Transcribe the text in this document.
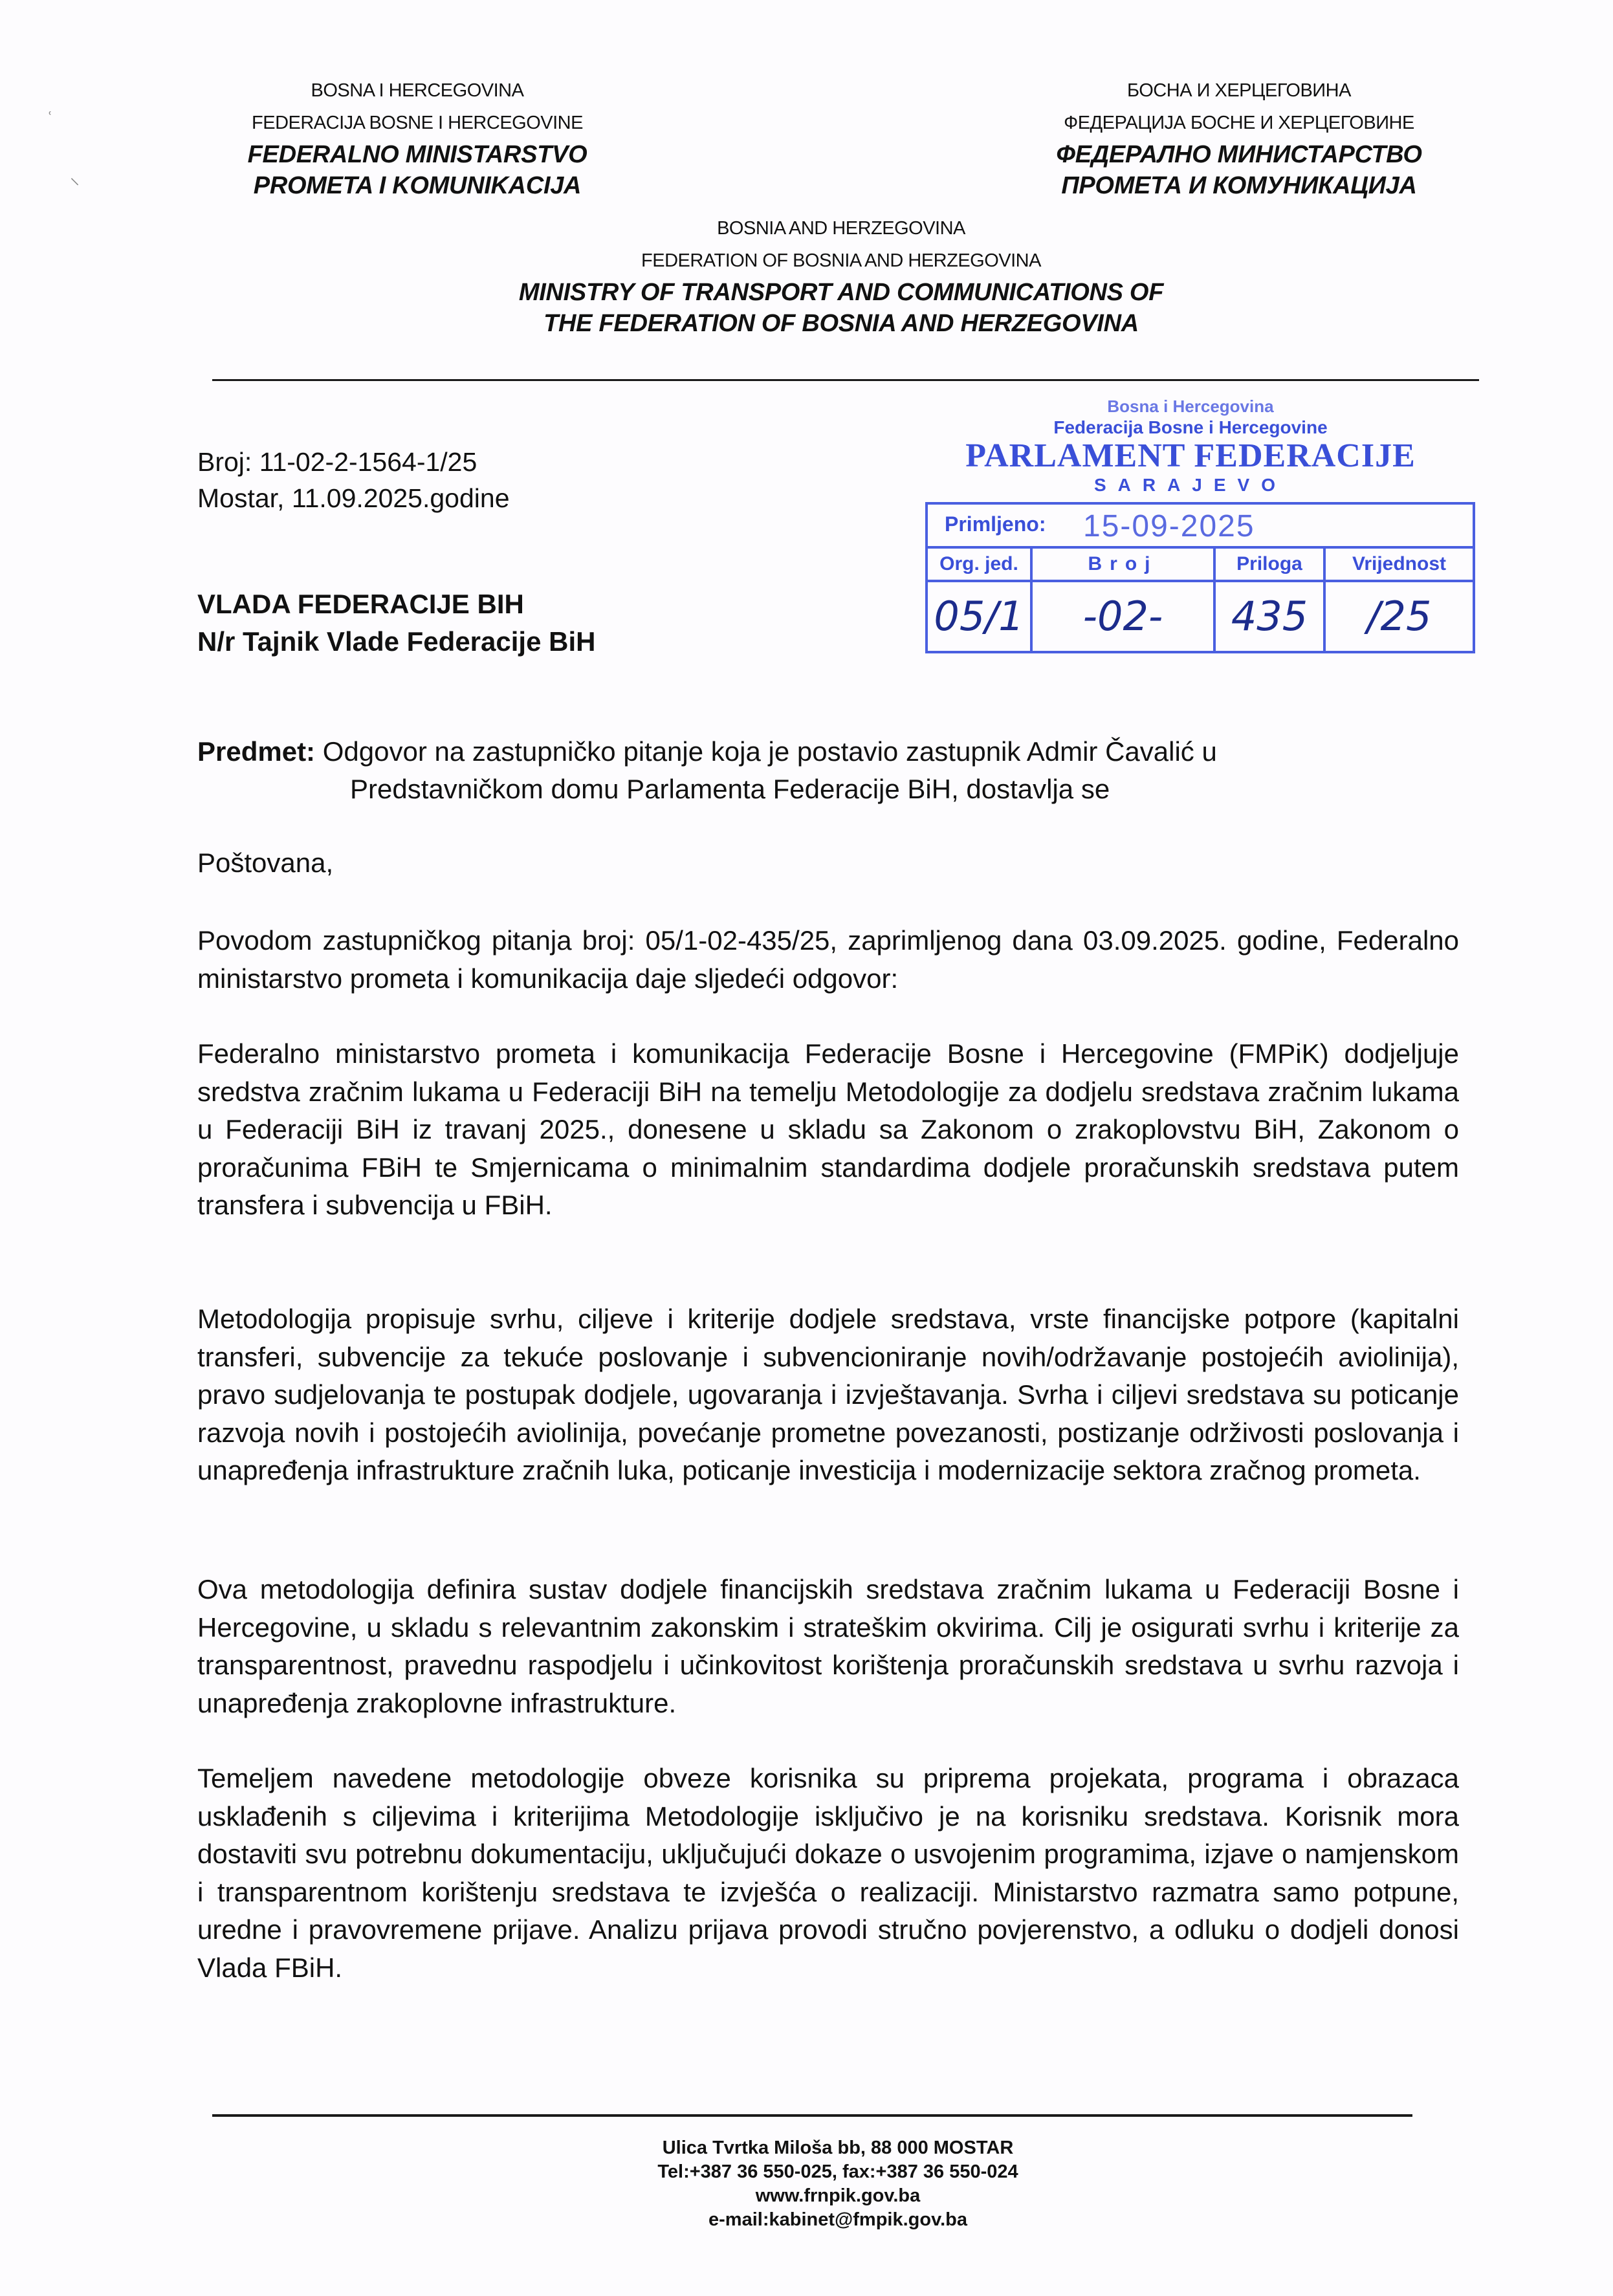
ʿ
⸜
BOSNA I HERCEGOVINA
FEDERACIJA BOSNE I HERCEGOVINE
FEDERALNO MINISTARSTVO
PROMETA I KOMUNIKACIJA
БОСНА И ХЕРЦЕГОВИНА
ФЕДЕРАЦИЈА БОСНЕ И ХЕРЦЕГОВИНЕ
ФЕДЕРАЛНО МИНИСТАРСТВО
ПРОМЕТА И КОМУНИКАЦИЈА
BOSNIA AND HERZEGOVINA
FEDERATION OF BOSNIA AND HERZEGOVINA
MINISTRY OF TRANSPORT AND COMMUNICATIONS OF
THE FEDERATION OF BOSNIA AND HERZEGOVINA
Broj: 11-02-2-1564-1/25
Mostar, 11.09.2025.godine
VLADA FEDERACIJE BIH
N/r Tajnik Vlade Federacije BiH
Bosna i Hercegovina
Federacija Bosne i Hercegovine
PARLAMENT FEDERACIJE
SARAJEVO
Primljeno: 15-09-2025
Org. jed.	Broj	Priloga	Vrijednost
05/1	-02-	435	/25
Predmet: Odgovor na zastupničko pitanje koja je postavio zastupnik Admir Čavalić u
Predstavničkom domu Parlamenta Federacije BiH, dostavlja se
Poštovana,
Povodom zastupničkog pitanja broj: 05/1-02-435/25, zaprimljenog dana 03.09.2025. godine, Federalno ministarstvo prometa i komunikacija daje sljedeći odgovor:
Federalno ministarstvo prometa i komunikacija Federacije Bosne i Hercegovine (FMPiK) dodjeljuje sredstva zračnim lukama u Federaciji BiH na temelju Metodologije za dodjelu sredstava zračnim lukama u Federaciji BiH iz travanj 2025., donesene u skladu sa Zakonom o zrakoplovstvu BiH, Zakonom o proračunima FBiH te Smjernicama o minimalnim standardima dodjele proračunskih sredstava putem transfera i subvencija u FBiH.
Metodologija propisuje svrhu, ciljeve i kriterije dodjele sredstava, vrste financijske potpore (kapitalni transferi, subvencije za tekuće poslovanje i subvencioniranje novih/održavanje postojećih aviolinija), pravo sudjelovanja te postupak dodjele, ugovaranja i izvještavanja. Svrha i ciljevi sredstava su poticanje razvoja novih i postojećih aviolinija, povećanje prometne povezanosti, postizanje održivosti poslovanja i unapređenja infrastrukture zračnih luka, poticanje investicija i modernizacije sektora zračnog prometa.
Ova metodologija definira sustav dodjele financijskih sredstava zračnim lukama u Federaciji Bosne i Hercegovine, u skladu s relevantnim zakonskim i strateškim okvirima. Cilj je osigurati svrhu i kriterije za transparentnost, pravednu raspodjelu i učinkovitost korištenja proračunskih sredstava u svrhu razvoja i unapređenja zrakoplovne infrastrukture.
Temeljem navedene metodologije obveze korisnika su priprema projekata, programa i obrazaca usklađenih s ciljevima i kriterijima Metodologije isključivo je na korisniku sredstava. Korisnik mora dostaviti svu potrebnu dokumentaciju, uključujući dokaze o usvojenim programima, izjave o namjenskom i transparentnom korištenju sredstava te izvješća o realizaciji. Ministarstvo razmatra samo potpune, uredne i pravovremene prijave. Analizu prijava provodi stručno povjerenstvo, a odluku o dodjeli donosi Vlada FBiH.
Ulica Tvrtka Miloša bb, 88 000 MOSTAR
Tel:+387 36 550-025, fax:+387 36 550-024
www.frnpik.gov.ba
e-mail:kabinet@fmpik.gov.ba
